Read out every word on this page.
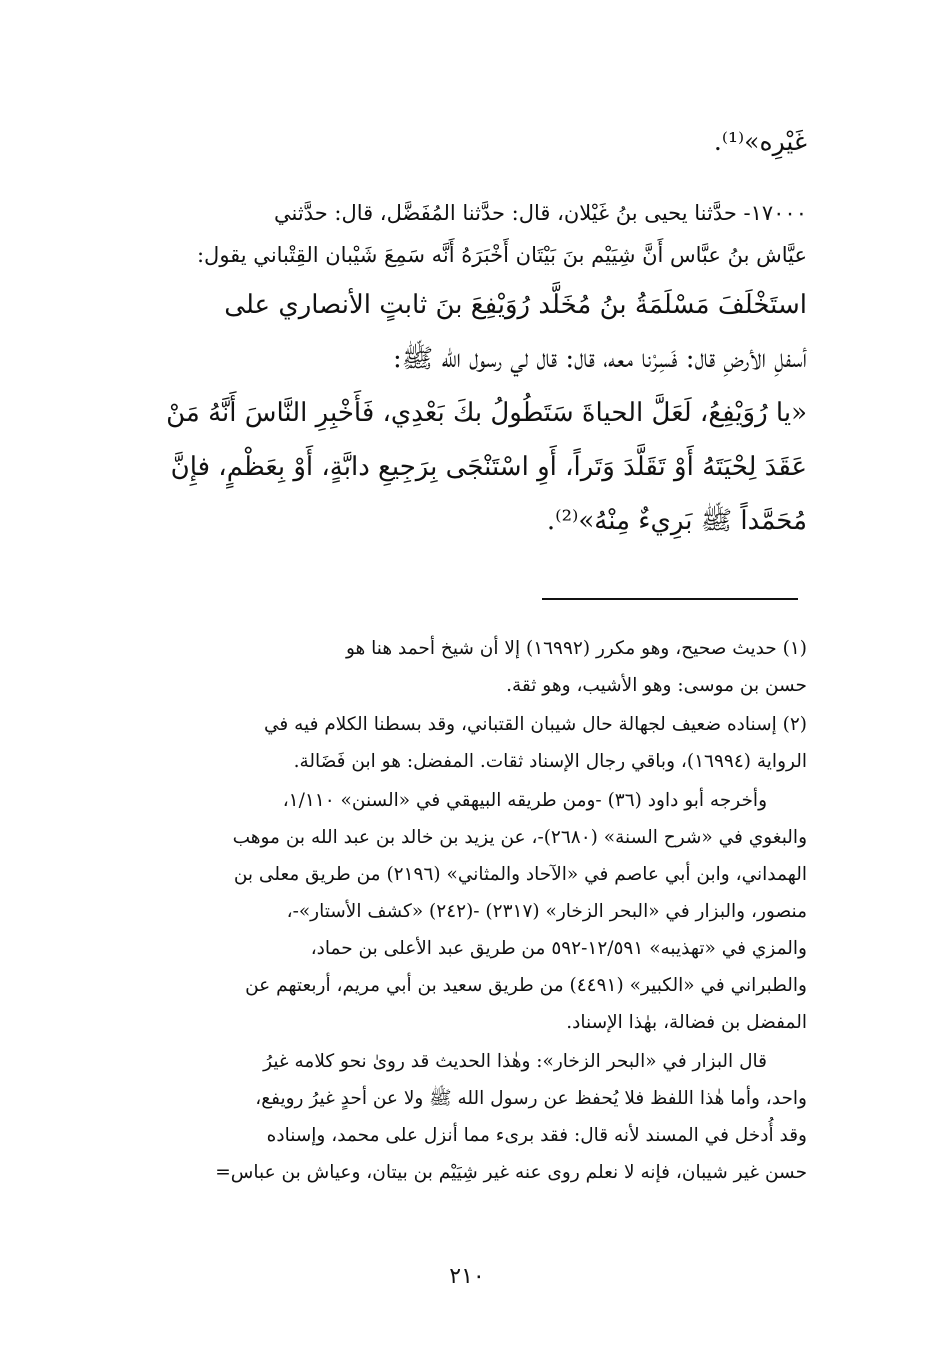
غَيْرِه»⁽¹⁾.

١٧٠٠٠- حدَّثنا يحيى بنُ غَيْلان، قال: حدَّثنا المُفَضَّل، قال: حدَّثني

عيَّاش بنُ عبَّاس أَنَّ شِيَيْم بنَ بَيْتَان أَخْبَرَهُ أَنَّه سَمِعَ شَيْبان القِتْباني يقول:

استَخْلَفَ مَسْلَمَةُ بنُ مُخَلَّد رُوَيْفِعَ بنَ ثابتٍ الأنصاري على

أسفلِ الأرضِ قال: فَسِرْنا معه، قال: قال لي رسول الله ﷺ:

«يا رُوَيْفِعُ، لَعَلَّ الحياةَ سَتَطُولُ بكَ بَعْدِي، فَأَخْبِرِ النَّاسَ أَنَّهُ مَنْ

عَقَدَ لِحْيَتَهُ أَوْ تَقَلَّدَ وَتَراً، أَوِ اسْتَنْجَى بِرَجِيعِ دابَّةٍ، أَوْ بِعَظْمٍ، فإِنَّ

مُحَمَّداً ﷺ بَرِيءٌ مِنْهُ»⁽²⁾.

(١) حديث صحيح، وهو مكرر (١٦٩٩٢) إلا أن شيخ أحمد هنا هو

حسن بن موسى: وهو الأشيب، وهو ثقة.

(٢) إسناده ضعيف لجهالة حال شيبان القتباني، وقد بسطنا الكلام فيه في

الرواية (١٦٩٩٤)، وباقي رجال الإسناد ثقات. المفضل: هو ابن فَضَالة.

وأخرجه أبو داود (٣٦) -ومن طريقه البيهقي في «السنن» ١/١١٠،

والبغوي في «شرح السنة» (٢٦٨٠)-، عن يزيد بن خالد بن عبد الله بن موهب

الهمداني، وابن أبي عاصم في «الآحاد والمثاني» (٢١٩٦) من طريق معلى بن

منصور، والبزار في «البحر الزخار» (٢٣١٧) -(٢٤٢) «كشف الأستار»-،

والمزي في «تهذيبه» ١٢/٥٩١-٥٩٢ من طريق عبد الأعلى بن حماد،

والطبراني في «الكبير» (٤٤٩١) من طريق سعيد بن أبي مريم، أربعتهم عن

المفضل بن فضالة، بهٰذا الإسناد.

قال البزار في «البحر الزخار»: وهٰذا الحديث قد روىٰ نحو كلامه غيرُ

واحد، وأما هٰذا اللفظ فلا يُحفظ عن رسول الله ﷺ ولا عن أحدٍ غيرُ رويفع،

وقد أُدخل في المسند لأنه قال: فقد برىء مما أنزل على محمد، وإسناده

حسن غير شيبان، فإنه لا نعلم روى عنه غير شِيَيْم بن بيتان، وعياش بن عباس=

٢١٠
